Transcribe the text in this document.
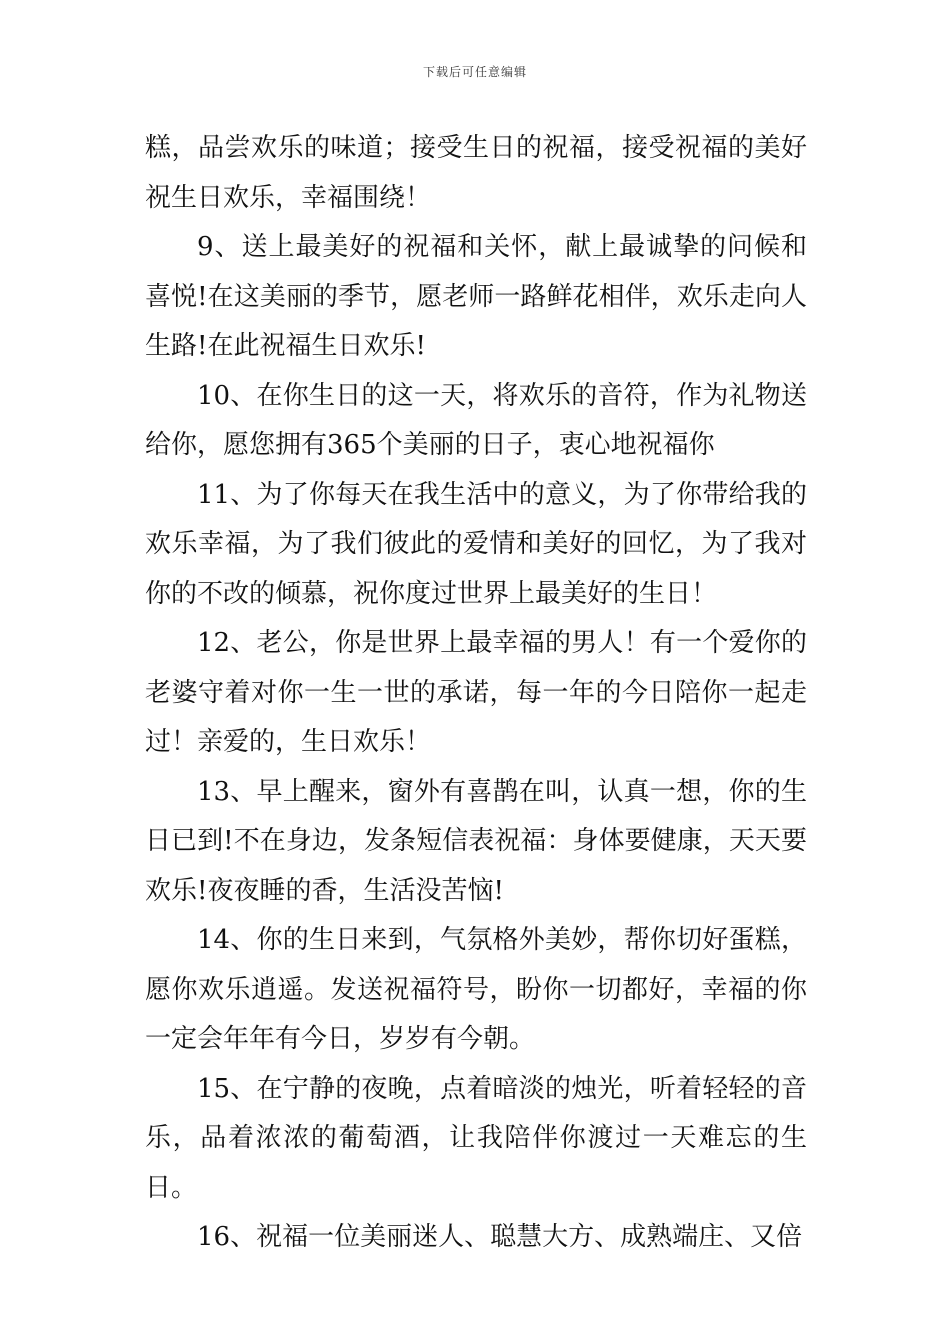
下载后可任意编辑

糕，品尝欢乐的味道；接受生日的祝福，接受祝福的美好祝生日欢乐，幸福围绕！

9、送上最美好的祝福和关怀，献上最诚挚的问候和喜悦!在这美丽的季节，愿老师一路鲜花相伴，欢乐走向人生路!在此祝福生日欢乐!

10、在你生日的这一天，将欢乐的音符，作为礼物送给你，愿您拥有365个美丽的日子，衷心地祝福你

11、为了你每天在我生活中的意义，为了你带给我的欢乐幸福，为了我们彼此的爱情和美好的回忆，为了我对你的不改的倾慕，祝你度过世界上最美好的生日！

12、老公，你是世界上最幸福的男人！有一个爱你的老婆守着对你一生一世的承诺，每一年的今日陪你一起走过！亲爱的，生日欢乐！

13、早上醒来，窗外有喜鹊在叫，认真一想，你的生日已到!不在身边，发条短信表祝福：身体要健康，天天要欢乐!夜夜睡的香，生活没苦恼!

14、你的生日来到，气氛格外美妙，帮你切好蛋糕，愿你欢乐逍遥。发送祝福符号，盼你一切都好，幸福的你一定会年年有今日，岁岁有今朝。

15、在宁静的夜晚，点着暗淡的烛光，听着轻轻的音乐，品着浓浓的葡萄酒，让我陪伴你渡过一天难忘的生日。

16、祝福一位美丽迷人、聪慧大方、成熟端庄、又倍
